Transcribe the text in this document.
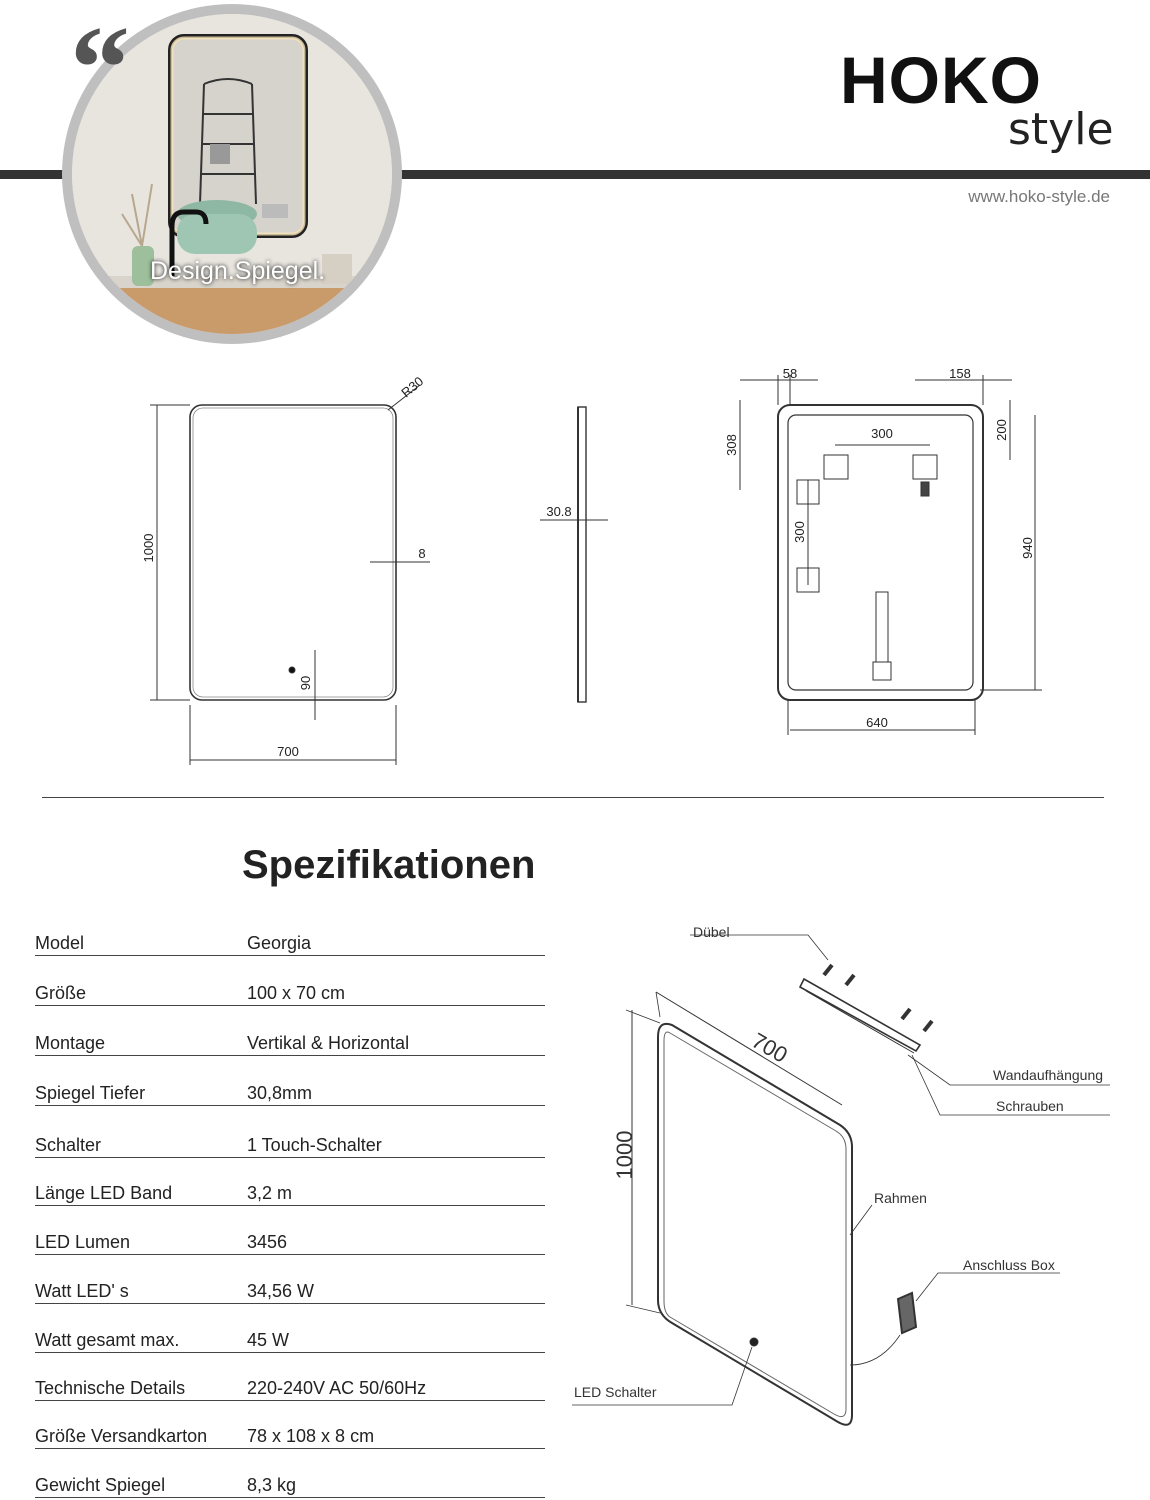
Design.Spiegel.
“	HOKO
style
www.hoko-style.de
700
1000
R30
8
90
30.8
58	158
300
308
200
300
940
640
Spezifikationen
Model	Georgia
Größe	100 x 70 cm
Montage	Vertikal & Horizontal
Spiegel Tiefer	30,8mm
Schalter	1 Touch-Schalter
Länge LED Band	3,2 m
LED Lumen	3456
Watt LED' s	34,56 W
Watt gesamt max.	45 W
Technische Details	220-240V AC 50/60Hz
Größe Versandkarton 78 x 108 x 8 cm
Gewicht Spiegel	8,3 kg
700
1000
Dübel
Wandaufhängung
Schrauben
Rahmen
Anschluss Box
LED Schalter
